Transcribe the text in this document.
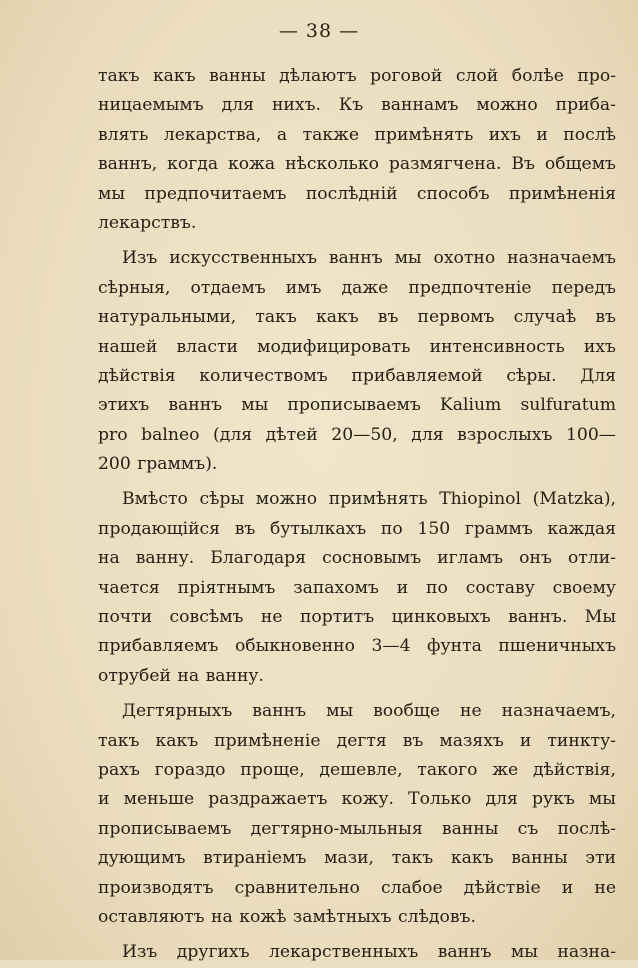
— 38 —
такъ какъ ванны дѣлаютъ роговой слой болѣе про-
ницаемымъ для нихъ. Къ ваннамъ можно приба-
влять лекарства, а также примѣнять ихъ и послѣ
ваннъ, когда кожа нѣсколько размягчена. Въ общемъ
мы предпочитаемъ послѣдній способъ примѣненія
лекарствъ.
Изъ искусственныхъ ваннъ мы охотно назначаемъ
сѣрныя, отдаемъ имъ даже предпочтеніе передъ
натуральными, такъ какъ въ первомъ случаѣ въ
нашей власти модифицировать интенсивность ихъ
дѣйствія количествомъ прибавляемой сѣры. Для
этихъ ваннъ мы прописываемъ Kalium sulfuratum
pro balneo (для дѣтей 20—50, для взрослыхъ 100—
200 граммъ).
Вмѣсто сѣры можно примѣнять Thiopinol (Matzka),
продающійся въ бутылкахъ по 150 граммъ каждая
на ванну. Благодаря сосновымъ игламъ онъ отли-
чается пріятнымъ запахомъ и по составу своему
почти совсѣмъ не портитъ цинковыхъ ваннъ. Мы
прибавляемъ обыкновенно 3—4 фунта пшеничныхъ
отрубей на ванну.
Дегтярныхъ ваннъ мы вообще не назначаемъ,
такъ какъ примѣненіе дегтя въ мазяхъ и тинкту-
рахъ гораздо проще, дешевле, такого же дѣйствія,
и меньше раздражаетъ кожу. Только для рукъ мы
прописываемъ дегтярно-мыльныя ванны съ послѣ-
дующимъ втираніемъ мази, такъ какъ ванны эти
производятъ сравнительно слабое дѣйствіе и не
оставляютъ на кожѣ замѣтныхъ слѣдовъ.
Изъ другихъ лекарственныхъ ваннъ мы назна-
